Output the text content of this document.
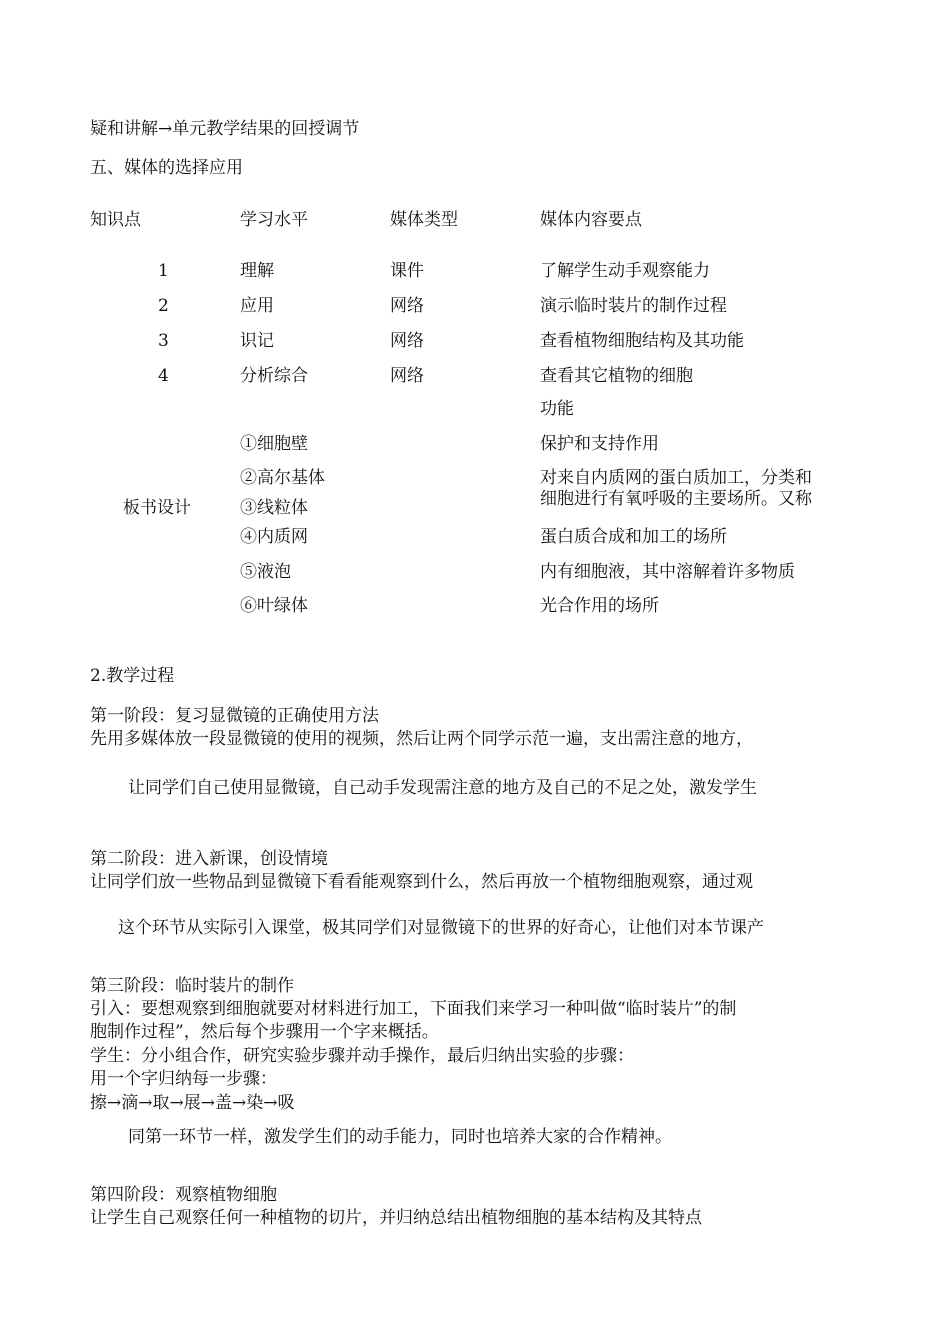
疑和讲解→单元教学结果的回授调节
五、媒体的选择应用
知识点	学习水平	媒体类型	媒体内容要点
1	理解	课件	了解学生动手观察能力
2	应用	网络	演示临时装片的制作过程
3	识记	网络	查看植物细胞结构及其功能
4	分析综合	网络	查看其它植物的细胞
功能
板书设计
①细胞壁	保护和支持作用
②高尔基体	对来自内质网的蛋白质加工，分类和
③线粒体	细胞进行有氧呼吸的主要场所。又称
④内质网	蛋白质合成和加工的场所
⑤液泡	内有细胞液，其中溶解着许多物质
⑥叶绿体	光合作用的场所
2.教学过程
第一阶段：复习显微镜的正确使用方法
先用多媒体放一段显微镜的使用的视频，然后让两个同学示范一遍，支出需注意的地方，
让同学们自己使用显微镜，自己动手发现需注意的地方及自己的不足之处，激发学生
第二阶段：进入新课，创设情境
让同学们放一些物品到显微镜下看看能观察到什么，然后再放一个植物细胞观察，通过观
这个环节从实际引入课堂，极其同学们对显微镜下的世界的好奇心，让他们对本节课产
第三阶段：临时装片的制作
引入：要想观察到细胞就要对材料进行加工，下面我们来学习一种叫做“临时装片”的制
胞制作过程”，然后每个步骤用一个字来概括。
学生：分小组合作，研究实验步骤并动手操作，最后归纳出实验的步骤：
用一个字归纳每一步骤：
擦→滴→取→展→盖→染→吸
同第一环节一样，激发学生们的动手能力，同时也培养大家的合作精神。
第四阶段：观察植物细胞
让学生自己观察任何一种植物的切片，并归纳总结出植物细胞的基本结构及其特点
